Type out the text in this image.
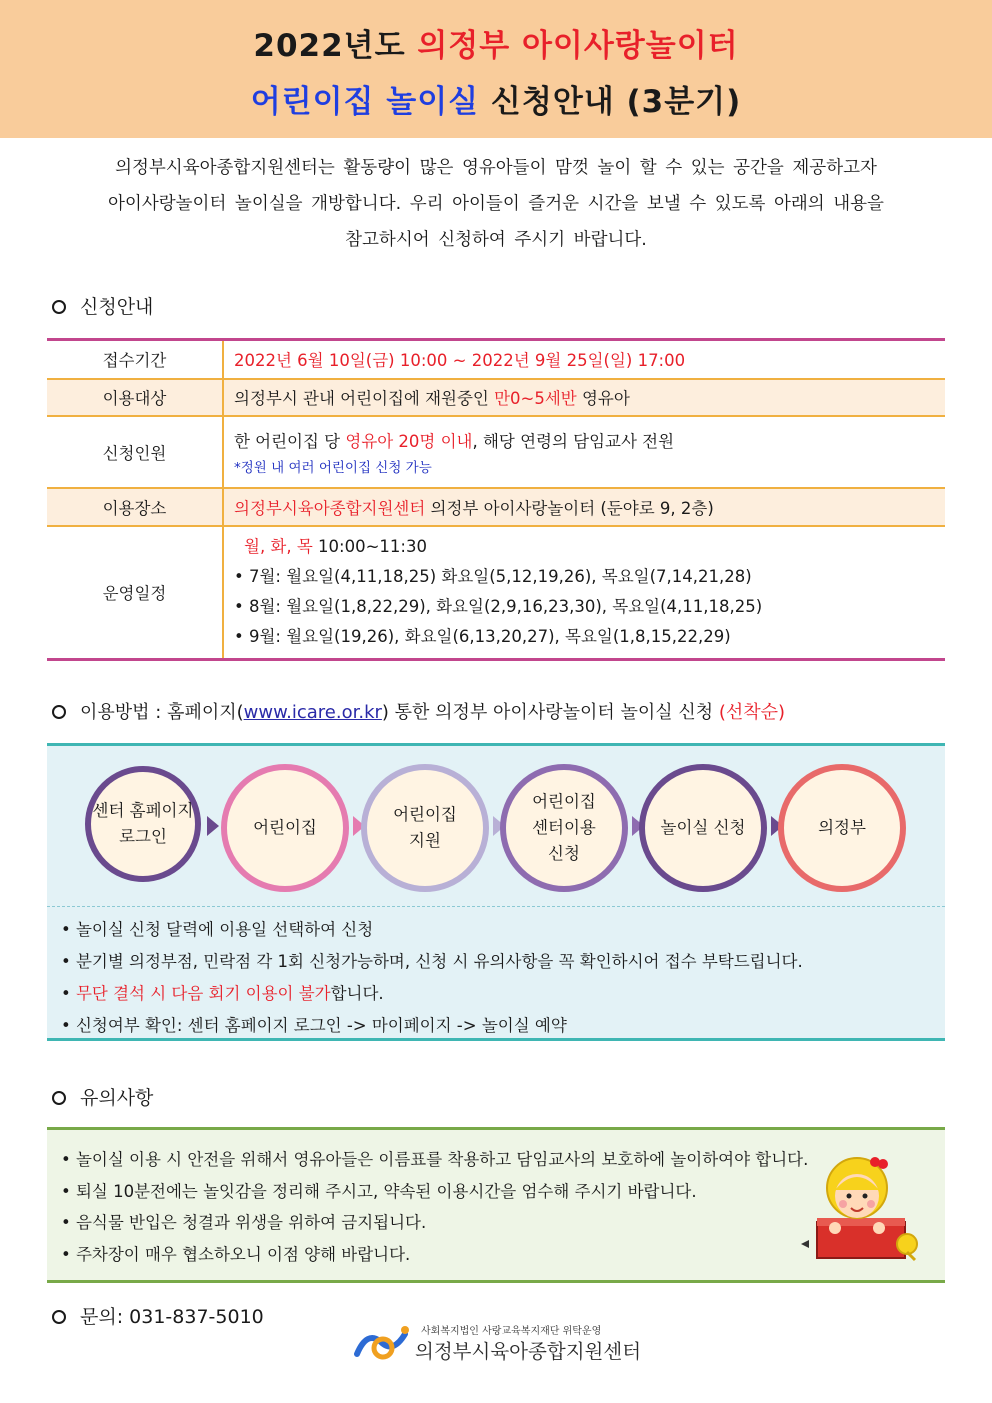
2022년도 의정부 아이사랑놀이터
어린이집 놀이실 신청안내 (3분기)
의정부시육아종합지원센터는 활동량이 많은 영유아들이 맘껏 놀이 할 수 있는 공간을 제공하고자
아이사랑놀이터 놀이실을 개방합니다. 우리 아이들이 즐거운 시간을 보낼 수 있도록 아래의 내용을
참고하시어 신청하여 주시기 바랍니다.
신청안내
접수기간	2022년 6월 10일(금) 10:00 ~ 2022년 9월 25일(일) 17:00
이용대상	의정부시 관내 어린이집에 재원중인 만0~5세반 영유아
신청인원	한 어린이집 당 영유아 20명 이내, 해당 연령의 담임교사 전원
*정원 내 여러 어린이집 신청 가능

이용장소	의정부시육아종합지원센터 의정부 아이사랑놀이터 (둔야로 9, 2층)
운영일정	월, 화, 목 10:00~11:30
• 7월: 월요일(4,11,18,25) 화요일(5,12,19,26), 목요일(7,14,21,28)
• 8월: 월요일(1,8,22,29), 화요일(2,9,16,23,30), 목요일(4,11,18,25)
• 9월: 월요일(19,26), 화요일(6,13,20,27), 목요일(1,8,15,22,29)
이용방법 : 홈페이지(www.icare.or.kr) 통한 의정부 아이사랑놀이터 놀이실 신청 (선착순)
센터 홈페이지
로그인	어린이집
어린이집
지원
어린이집
센터이용
신청
놀이실 신청	의정부
• 놀이실 신청 달력에 이용일 선택하여 신청
• 분기별 의정부점, 민락점 각 1회 신청가능하며, 신청 시 유의사항을 꼭 확인하시어 접수 부탁드립니다.
• 무단 결석 시 다음 회기 이용이 불가합니다.
• 신청여부 확인: 센터 홈페이지 로그인 -> 마이페이지 -> 놀이실 예약
유의사항
• 놀이실 이용 시 안전을 위해서 영유아들은 이름표를 착용하고 담임교사의 보호하에 놀이하여야 합니다.
• 퇴실 10분전에는 놀잇감을 정리해 주시고, 약속된 이용시간을 엄수해 주시기 바랍니다.
• 음식물 반입은 청결과 위생을 위하여 금지됩니다.
• 주차장이 매우 협소하오니 이점 양해 바랍니다.
문의: 031-837-5010
사회복지법인 사랑교육복지재단 위탁운영
의정부시육아종합지원센터
